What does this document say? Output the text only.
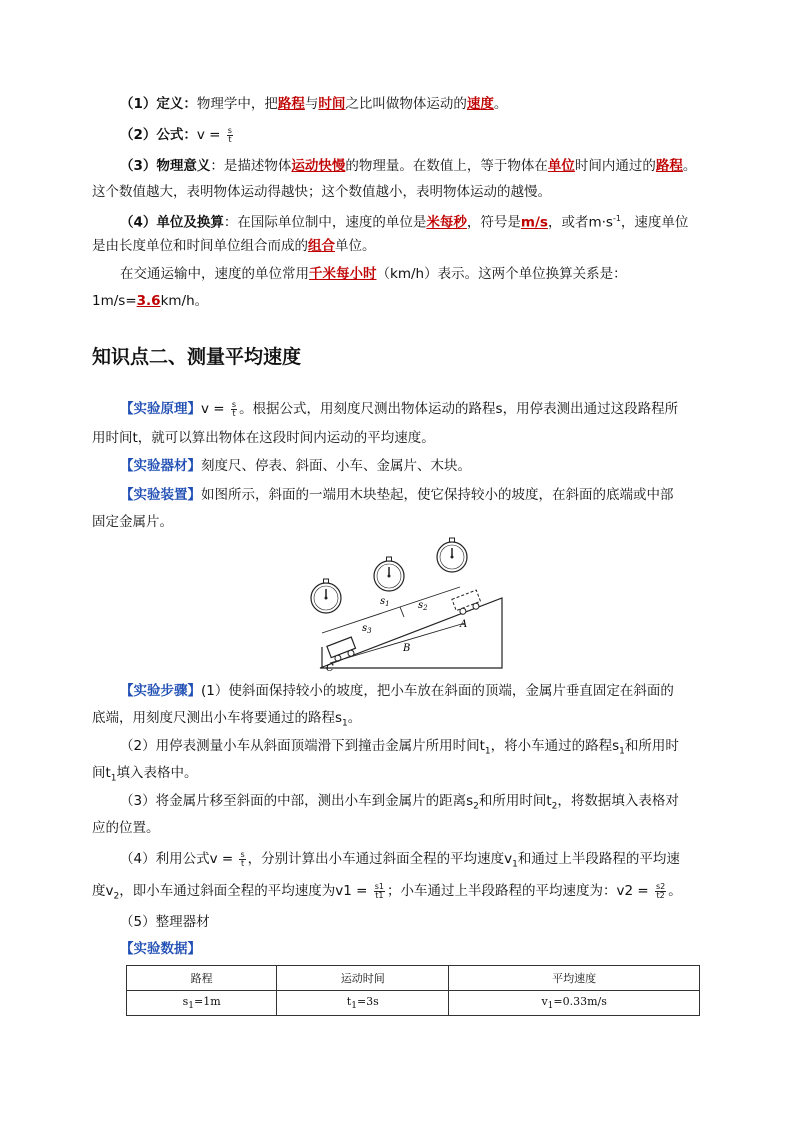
（1）定义：物理学中，把路程与时间之比叫做物体运动的速度。
（2）公式：$v = \frac{s}{t}$
（3）物理意义：是描述物体运动快慢的物理量。在数值上，等于物体在单位时间内通过的路程。
这个数值越大，表明物体运动得越快；这个数值越小，表明物体运动的越慢。
（4）单位及换算：在国际单位制中，速度的单位是米每秒，符号是m/s，或者$m\cdot s^{-1}$，速度单位
是由长度单位和时间单位组合而成的组合单位。
在交通运输中，速度的单位常用千米每小时（km/h）表示。这两个单位换算关系是：
1m/s=3.6km/h。
知识点二、测量平均速度
【实验原理】$v = \frac{s}{t}$ 。根据公式，用刻度尺测出物体运动的路程s，用停表测出通过这段路程所
用时间t，就可以算出物体在这段时间内运动的平均速度。
【实验器材】刻度尺、停表、斜面、小车、金属片、木块。
【实验装置】如图所示，斜面的一端用木块垫起，使它保持较小的坡度，在斜面的底端或中部
固定金属片。
$s_1$	$s_2$
$s_3$
A
B
C
【实验步骤】(1）使斜面保持较小的坡度，把小车放在斜面的顶端，金属片垂直固定在斜面的
底端，用刻度尺测出小车将要通过的路程$s_1$。
（2）用停表测量小车从斜面顶端滑下到撞击金属片所用时间$t_1$，将小车通过的路程$s_1$和所用时
间$t_1$填入表格中。
（3）将金属片移至斜面的中部，测出小车到金属片的距离$s_2$和所用时间$t_2$，将数据填入表格对
应的位置。
（4）利用公式$v = \frac{s}{t}$ ，分别计算出小车通过斜面全程的平均速度$v_1$和通过上半段路程的平均速
度$v_2$，即小车通过斜面全程的平均速度为$v1 = \frac{s1}{t1}$ ；小车通过上半段路程的平均速度为：$v2 = \frac{s2}{t2}$ 。
（5）整理器材
【实验数据】
路程	运动时间	平均速度
$s_1=1m$	$t_1=3s$	$v_1=0.33m/s$
